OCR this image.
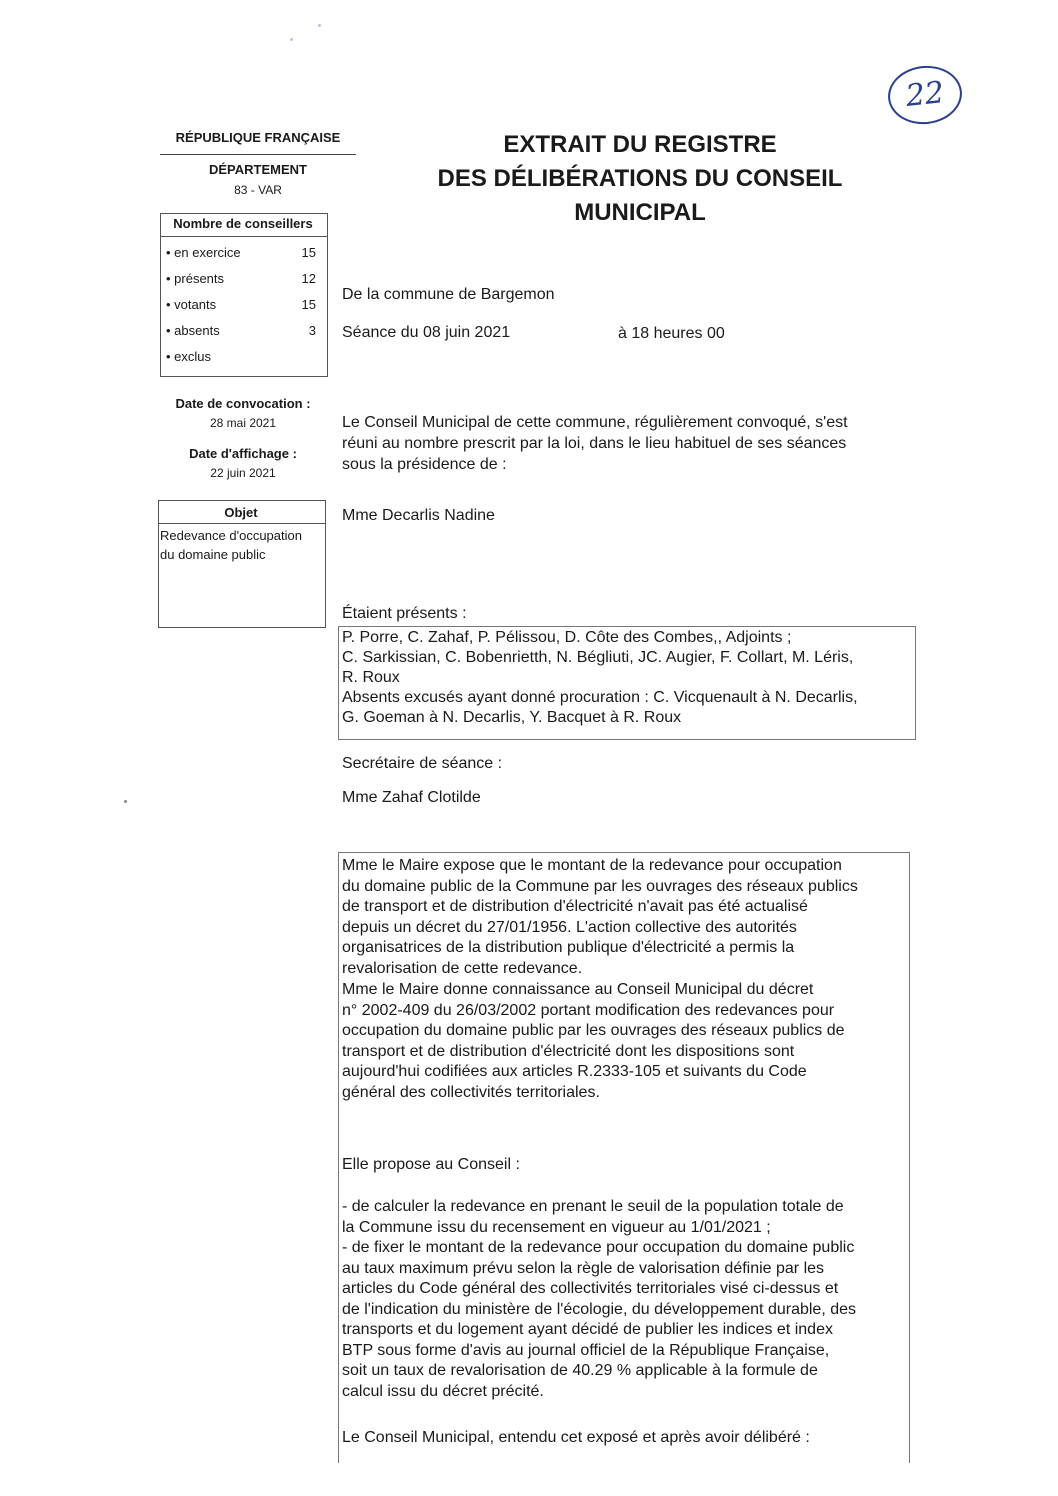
22
RÉPUBLIQUE FRANÇAISE
DÉPARTEMENT
83 - VAR
EXTRAIT DU REGISTRE
DES DÉLIBÉRATIONS DU CONSEIL
MUNICIPAL
Nombre de conseillers
• en exercice	15
• présents	12
• votants	15
• absents	3
• exclus
Date de convocation :
28 mai 2021
Date d'affichage :
22 juin 2021
Objet
Redevance d'occupation
du domaine public
De la commune de Bargemon
Séance du 08 juin 2021	à 18 heures 00
Le Conseil Municipal de cette commune, régulièrement convoqué, s'est
réuni au nombre prescrit par la loi, dans le lieu habituel de ses séances
sous la présidence de :
Mme Decarlis Nadine
Étaient présents :
P. Porre, C. Zahaf, P. Pélissou, D. Côte des Combes,, Adjoints ;
C. Sarkissian, C. Bobenrietth, N. Bégliuti, JC. Augier, F. Collart, M. Léris,
R. Roux
Absents excusés ayant donné procuration : C. Vicquenault à N. Decarlis,
G. Goeman à N. Decarlis, Y. Bacquet à R. Roux
Secrétaire de séance :
Mme Zahaf Clotilde
Mme le Maire expose que le montant de la redevance pour occupation
du domaine public de la Commune par les ouvrages des réseaux publics
de transport et de distribution d'électricité n'avait pas été actualisé
depuis un décret du 27/01/1956. L'action collective des autorités
organisatrices de la distribution publique d'électricité a permis la
revalorisation de cette redevance.
Mme le Maire donne connaissance au Conseil Municipal du décret
n° 2002-409 du 26/03/2002 portant modification des redevances pour
occupation du domaine public par les ouvrages des réseaux publics de
transport et de distribution d'électricité dont les dispositions sont
aujourd'hui codifiées aux articles R.2333-105 et suivants du Code
général des collectivités territoriales.
Elle propose au Conseil :
- de calculer la redevance en prenant le seuil de la population totale de
la Commune issu du recensement en vigueur au 1/01/2021 ;
- de fixer le montant de la redevance pour occupation du domaine public
au taux maximum prévu selon la règle de valorisation définie par les
articles du Code général des collectivités territoriales visé ci-dessus et
de l'indication du ministère de l'écologie, du développement durable, des
transports et du logement ayant décidé de publier les indices et index
BTP sous forme d'avis au journal officiel de la République Française,
soit un taux de revalorisation de 40.29 % applicable à la formule de
calcul issu du décret précité.
Le Conseil Municipal, entendu cet exposé et après avoir délibéré :
